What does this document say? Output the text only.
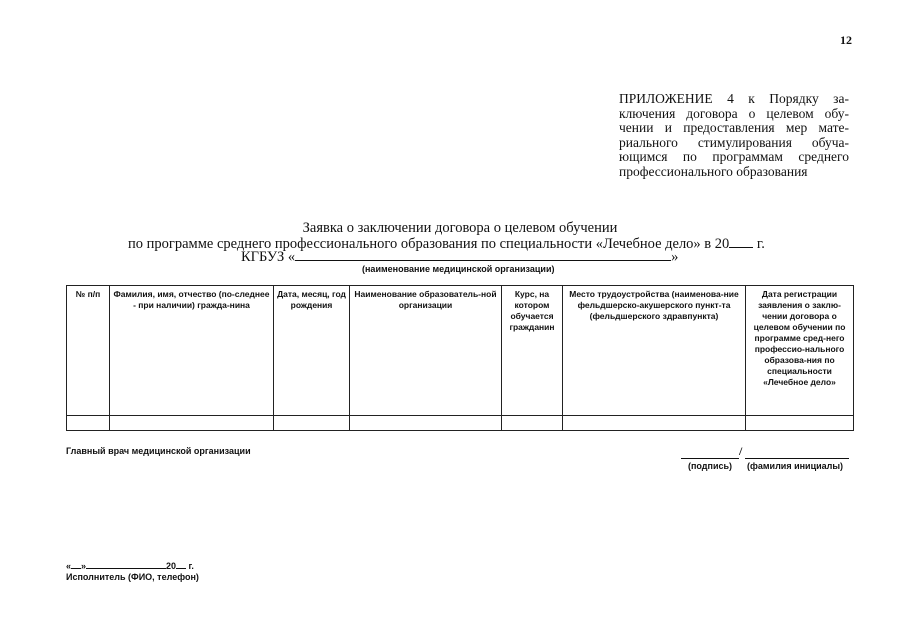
12
ПРИЛОЖЕНИЕ 4 к Порядку за-
ключения договора о целевом обу-
чении и предоставления мер мате-
риального стимулирования обуча-
ющимся по программам среднего
профессионального образования
Заявка о заключении договора о целевом обучении
по программе среднего профессионального образования по специальности «Лечебное дело» в 20 г.
КГБУЗ «	»
(наименование медицинской организации)
№ п/п	Фамилия, имя, отчество (по-следнее - при наличии) гражда-нина	Дата, месяц, год рождения	Наименование образователь-ной организации	Курс, на котором обучается гражданин	Место трудоустройства (наименова-ние фельдшерско-акушерского пункт-та (фельдшерского здравпункта)	Дата регистрации заявления о заклю-чении договора о целевом обучении по программе сред-него профессио-нального образова-ния по специальности «Лечебное дело»

Главный врач медицинской организации	/
(подпись) (фамилия инициалы)
« »	20 г.
Исполнитель (ФИО, телефон)
